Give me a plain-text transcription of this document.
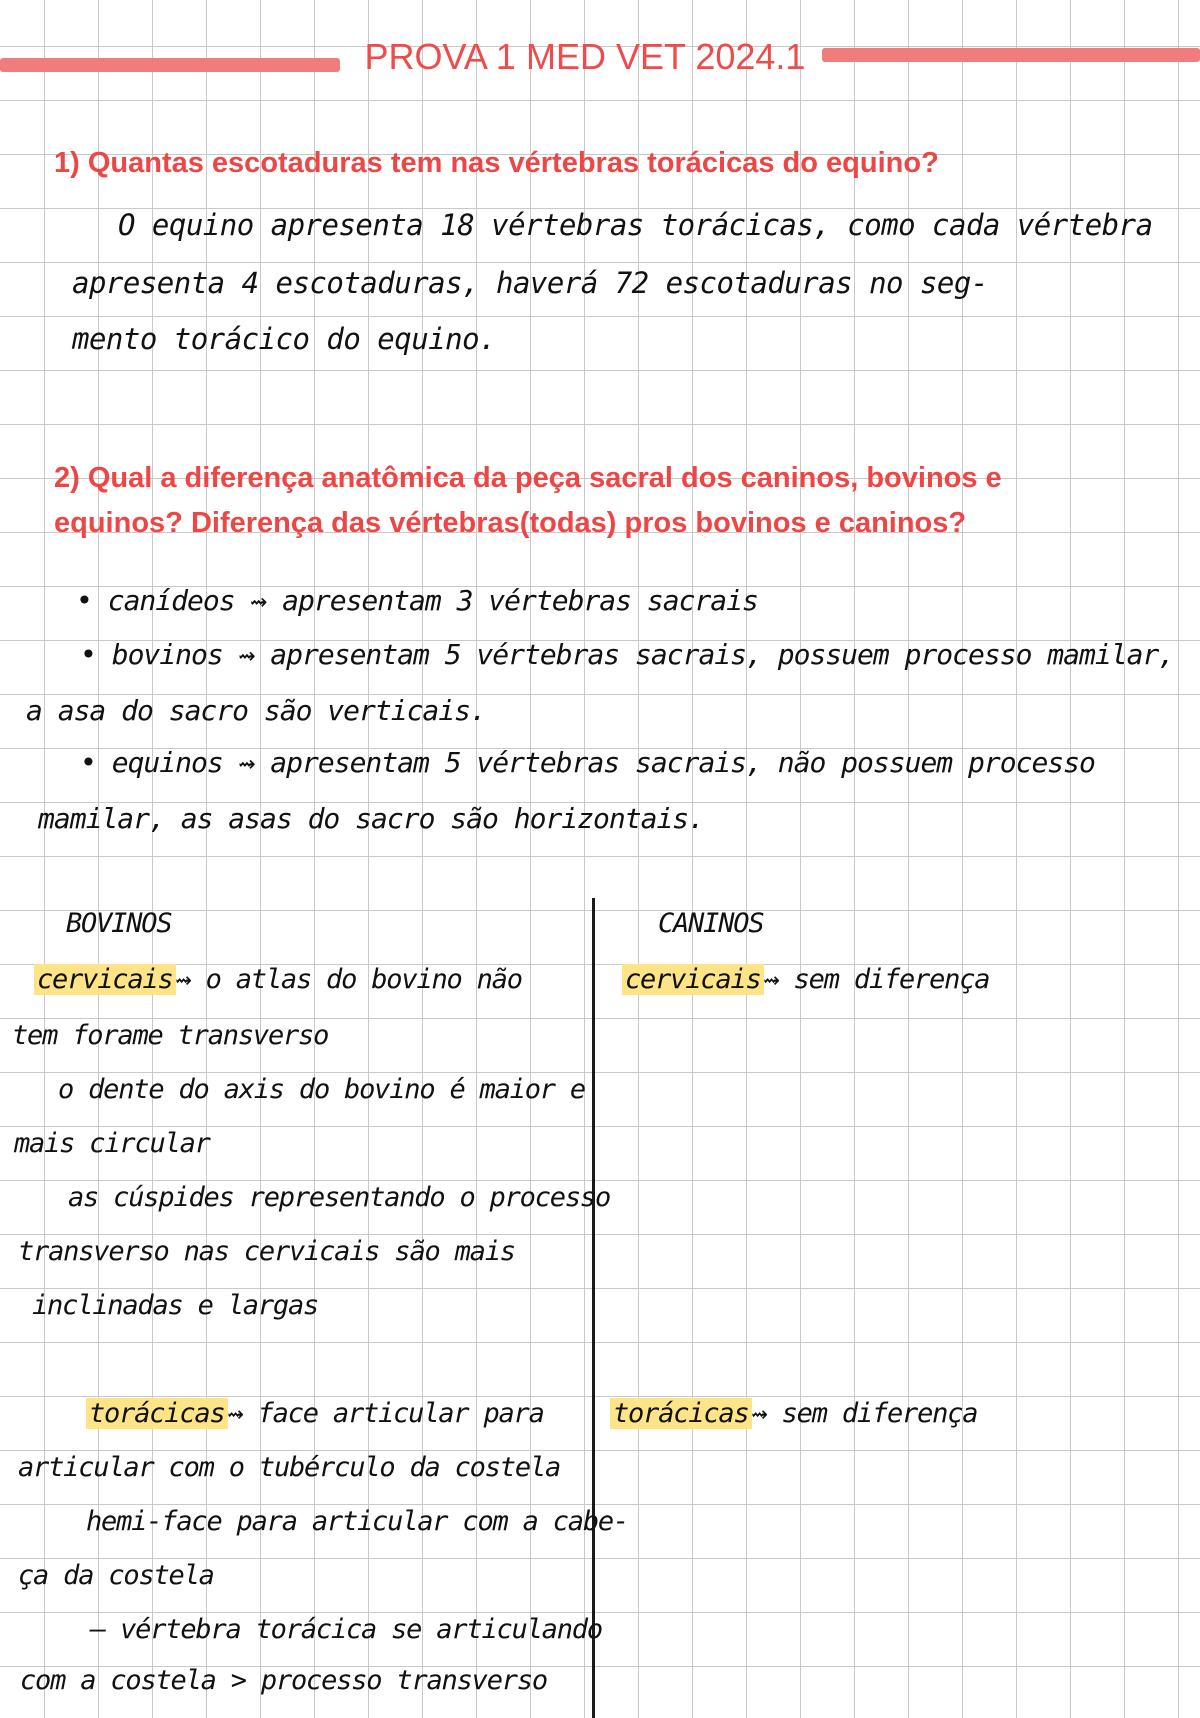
PROVA 1 MED VET 2024.1
1) Quantas escotaduras tem nas vértebras torácicas do equino?
O equino apresenta 18 vértebras torácicas, como cada vértebra
apresenta 4 escotaduras, haverá 72 escotaduras no seg-
mento torácico do equino.
2) Qual a diferença anatômica da peça sacral dos caninos, bovinos e
equinos? Diferença das vértebras(todas) pros bovinos e caninos?
• canídeos ⇝ apresentam 3 vértebras sacrais
• bovinos ⇝ apresentam 5 vértebras sacrais, possuem processo mamilar,
a asa do sacro são verticais.
• equinos ⇝ apresentam 5 vértebras sacrais, não possuem processo
mamilar, as asas do sacro são horizontais.
BOVINOS	CANINOS
cervicais ⇝ o atlas do bovino não
tem forame transverso
o dente do axis do bovino é maior e
mais circular
as cúspides representando o processo
transverso nas cervicais são mais
inclinadas e largas
cervicais ⇝ sem diferença
torácicas ⇝ face articular para
articular com o tubérculo da costela
hemi-face para articular com a cabe-
ça da costela
— vértebra torácica se articulando
com a costela > processo transverso
torácicas ⇝ sem diferença
